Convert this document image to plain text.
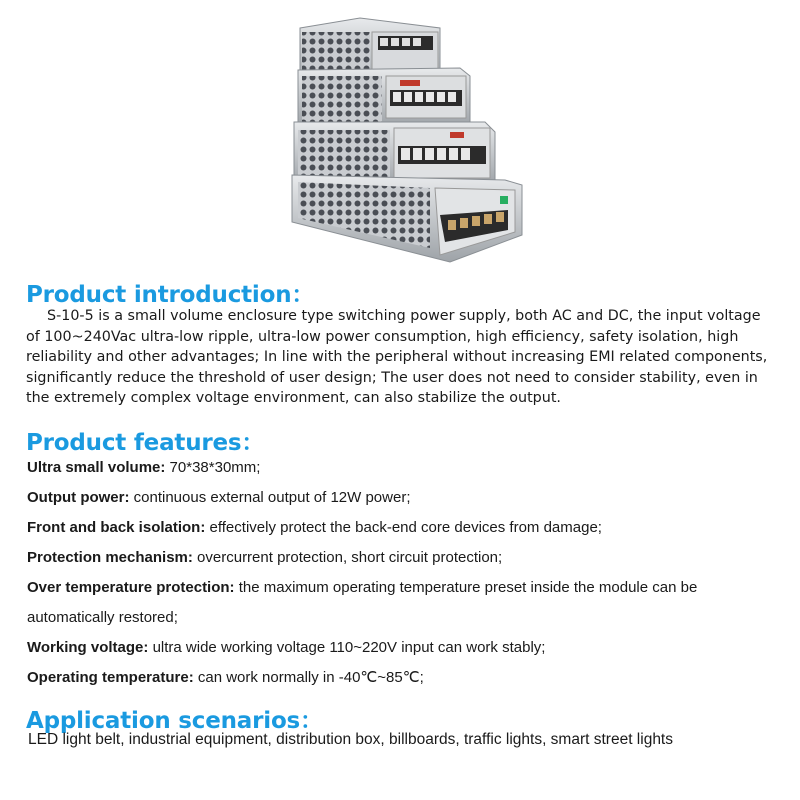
Product introduction：

S-10-5 is a small volume enclosure type switching power supply, both AC and DC, the input voltage of 100~240Vac ultra-low ripple, ultra-low power consumption, high efficiency, safety isolation, high reliability and other advantages; In line with the peripheral without increasing EMI related components, significantly reduce the threshold of user design; The user does not need to consider stability, even in the extremely complex voltage environment, can also stabilize the output.

Product features：
Ultra small volume: 70*38*30mm;
Output power: continuous external output of 12W power;
Front and back isolation: effectively protect the back-end core devices from damage;
Protection mechanism: overcurrent protection, short circuit protection;
Over temperature protection: the maximum operating temperature preset inside the module can be automatically restored;
Working voltage: ultra wide working voltage 110~220V input can work stably;
Operating temperature: can work normally in -40℃~85℃;
Application scenarios：

LED light belt, industrial equipment, distribution box, billboards, traffic lights, smart street lights
